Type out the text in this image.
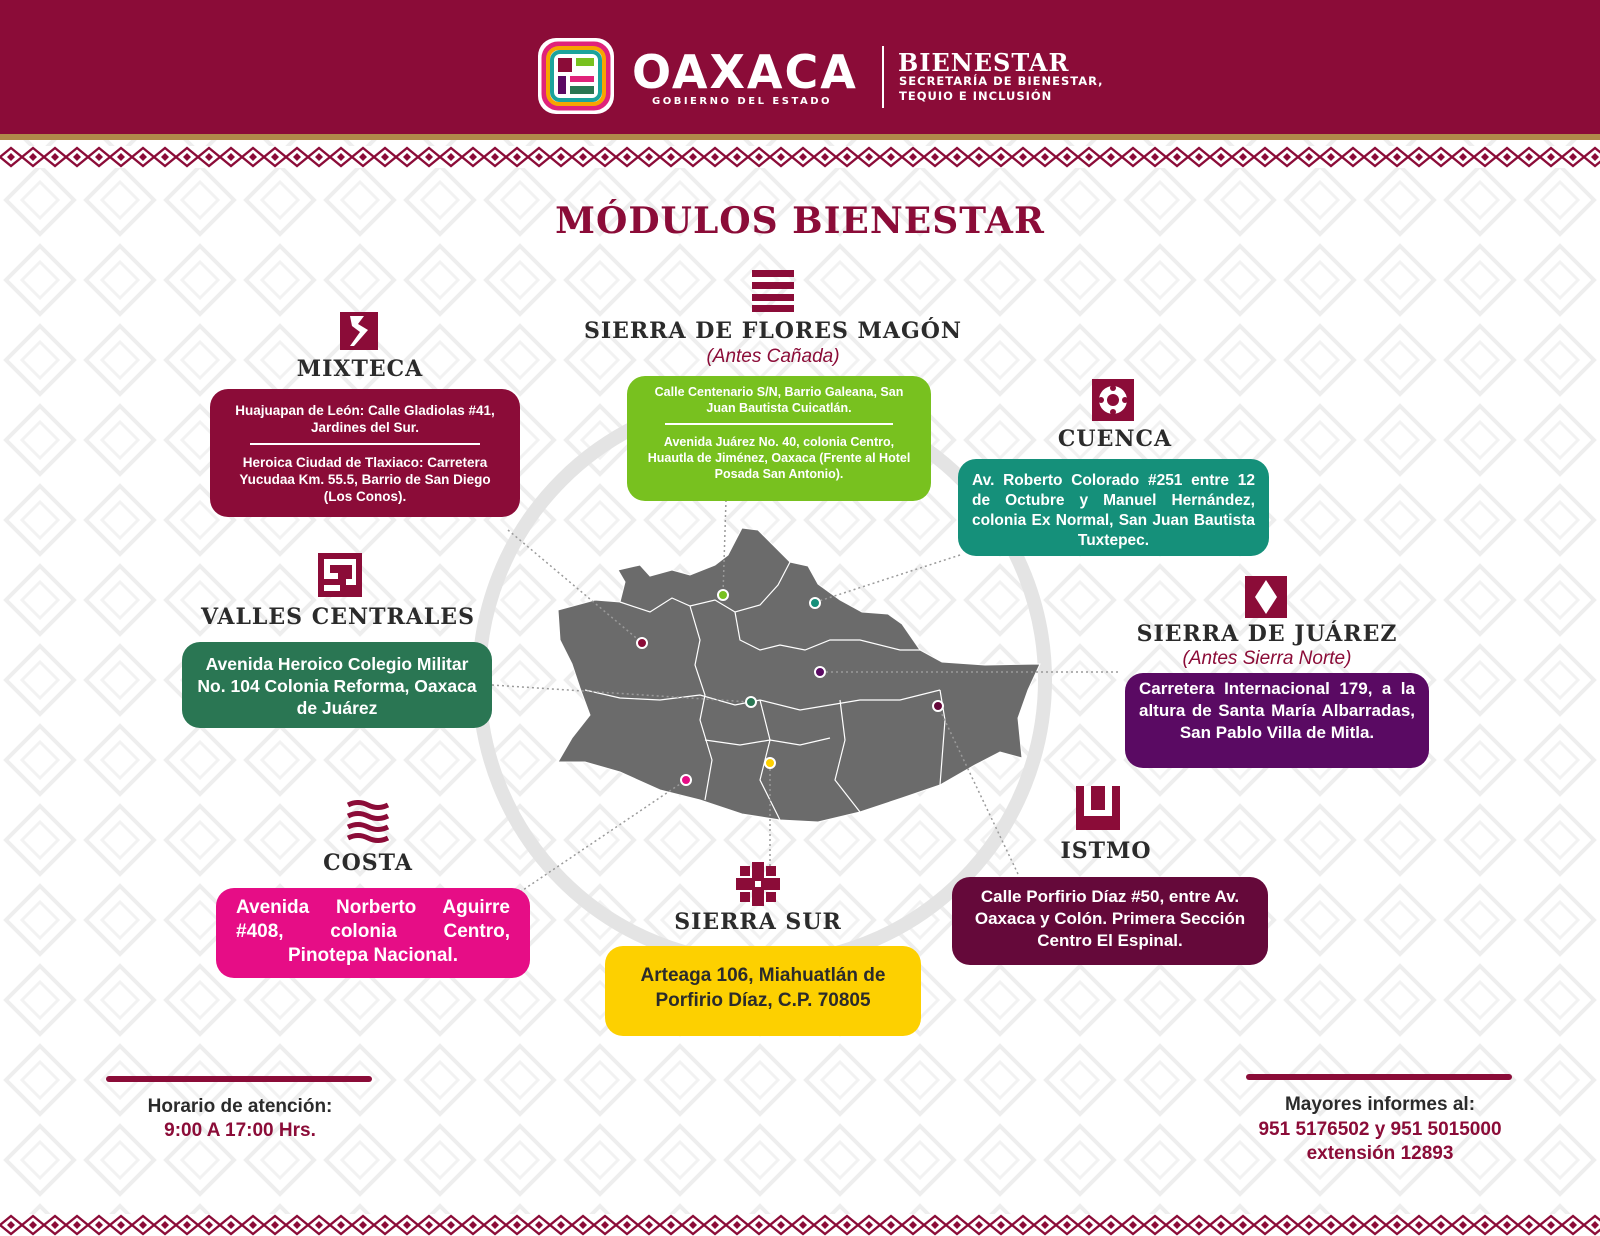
OAXACA
GOBIERNO DEL ESTADO
BIENESTAR
SECRETARÍA DE BIENESTAR, TEQUIO E INCLUSIÓN
MÓDULOS BIENESTAR
MIXTECA

Huajuapan de León: Calle Gladiolas #41, Jardines del Sur.

Heroica Ciudad de Tlaxiaco: Carretera Yucudaa Km. 55.5, Barrio de San Diego (Los Conos).

SIERRA DE FLORES MAGÓN
(Antes Cañada)

Calle Centenario S/N, Barrio Galeana, San Juan Bautista Cuicatlán.

Avenida Juárez No. 40, colonia Centro, Huautla de Jiménez, Oaxaca (Frente al Hotel Posada San Antonio).

CUENCA

Av. Roberto Colorado #251 entre 12 de Octubre y Manuel Hernández, colonia Ex Normal, San Juan Bautista Tuxtepec.

VALLES CENTRALES

Avenida Heroico Colegio Militar No. 104 Colonia Reforma, Oaxaca de Juárez

SIERRA DE JUÁREZ
(Antes Sierra Norte)

Carretera Internacional 179, a la altura de Santa María Albarradas, San Pablo Villa de Mitla.

COSTA

Avenida Norberto Aguirre #408, colonia Centro, Pinotepa Nacional.

ISTMO

Calle Porfirio Díaz #50, entre Av. Oaxaca y Colón. Primera Sección Centro El Espinal.

SIERRA SUR

Arteaga 106, Miahuatlán de Porfirio Díaz, C.P. 70805

Horario de atención:
9:00 A 17:00 Hrs.
Mayores informes al:
951 5176502 y 951 5015000
extensión 12893
